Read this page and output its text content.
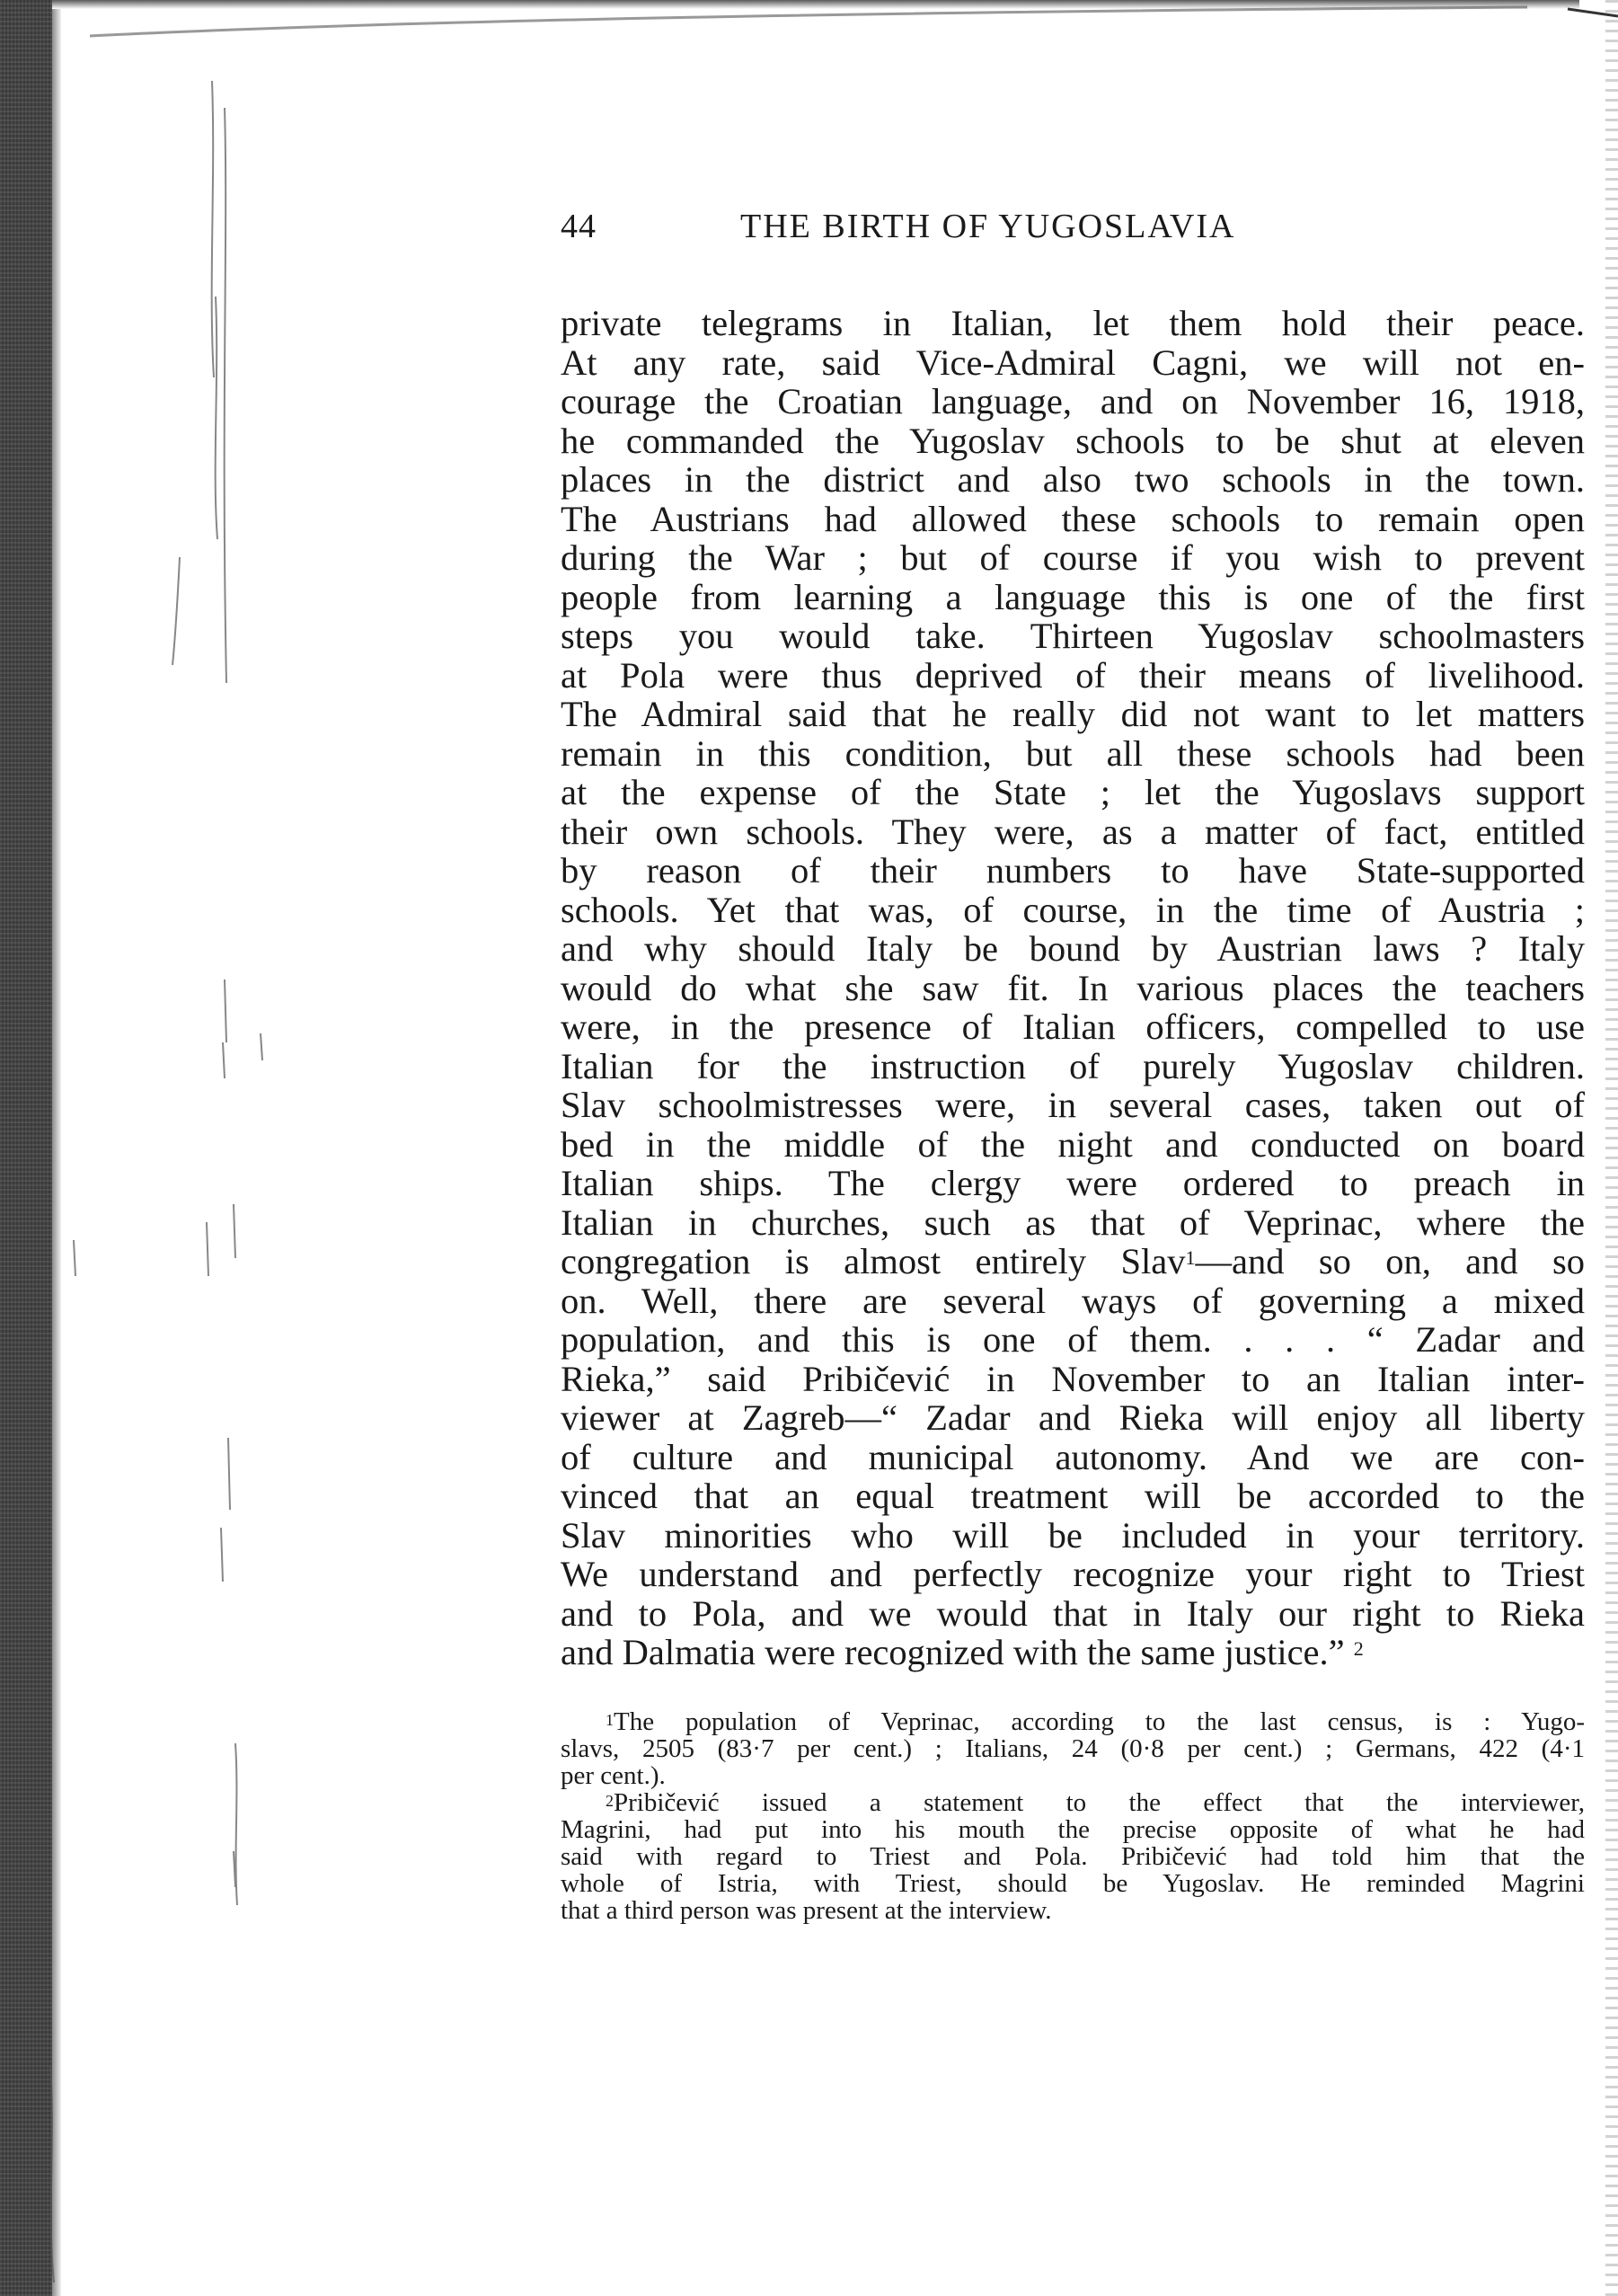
44	THE BIRTH OF YUGOSLAVIA
private telegrams in Italian, let them hold their peace.
At any rate, said Vice-Admiral Cagni, we will not en-
courage the Croatian language, and on November 16, 1918,
he commanded the Yugoslav schools to be shut at eleven
places in the district and also two schools in the town.
The Austrians had allowed these schools to remain open
during the War ; but of course if you wish to prevent
people from learning a language this is one of the first
steps you would take. Thirteen Yugoslav schoolmasters
at Pola were thus deprived of their means of livelihood.
The Admiral said that he really did not want to let matters
remain in this condition, but all these schools had been
at the expense of the State ; let the Yugoslavs support
their own schools. They were, as a matter of fact, entitled
by reason of their numbers to have State-supported
schools. Yet that was, of course, in the time of Austria ;
and why should Italy be bound by Austrian laws ? Italy
would do what she saw fit. In various places the teachers
were, in the presence of Italian officers, compelled to use
Italian for the instruction of purely Yugoslav children.
Slav schoolmistresses were, in several cases, taken out of
bed in the middle of the night and conducted on board
Italian ships. The clergy were ordered to preach in
Italian in churches, such as that of Veprinac, where the
congregation is almost entirely Slav$^1$—and so on, and so
on. Well, there are several ways of governing a mixed
population, and this is one of them. . . . “ Zadar and
Rieka,” said Pribičević in November to an Italian inter-
viewer at Zagreb—“ Zadar and Rieka will enjoy all liberty
of culture and municipal autonomy. And we are con-
vinced that an equal treatment will be accorded to the
Slav minorities who will be included in your territory.
We understand and perfectly recognize your right to Triest
and to Pola, and we would that in Italy our right to Rieka
and Dalmatia were recognized with the same justice.” $^2$
$^1$The population of Veprinac, according to the last census, is : Yugo-
slavs, 2505 (83·7 per cent.) ; Italians, 24 (0·8 per cent.) ; Germans, 422 (4·1
per cent.).
$^2$Pribičević issued a statement to the effect that the interviewer,
Magrini, had put into his mouth the precise opposite of what he had
said with regard to Triest and Pola. Pribičević had told him that the
whole of Istria, with Triest, should be Yugoslav. He reminded Magrini
that a third person was present at the interview.
